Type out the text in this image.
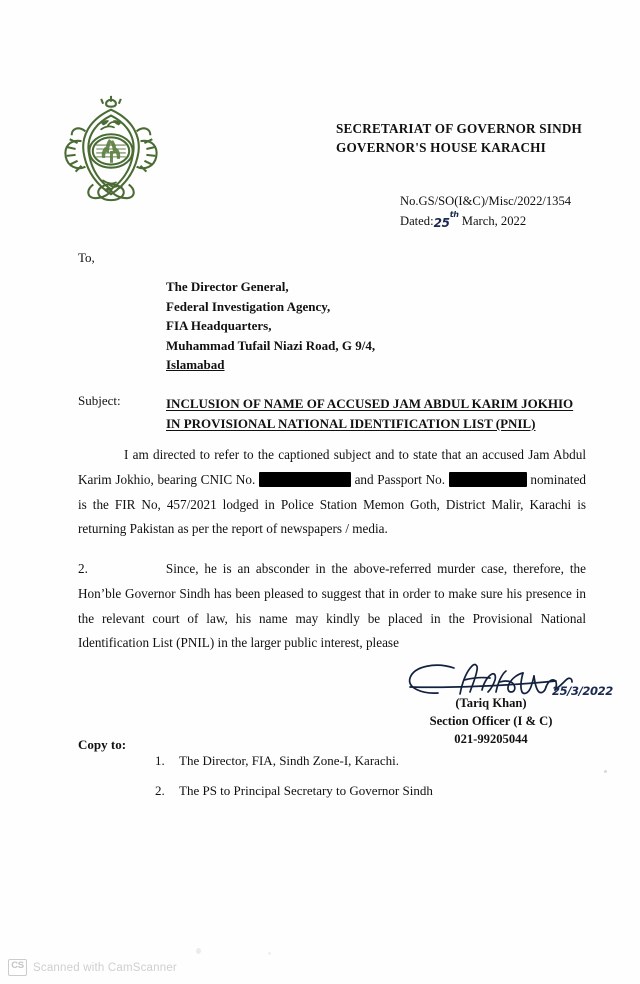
SECRETARIAT OF GOVERNOR SINDH
GOVERNOR'S HOUSE KARACHI
No.GS/SO(I&C)/Misc/2022/1354
Dated:25th March, 2022
To,
The Director General,
Federal Investigation Agency,
FIA Headquarters,
Muhammad Tufail Niazi Road, G 9/4,
Islamabad
Subject:	INCLUSION OF NAME OF ACCUSED JAM ABDUL KARIM JOKHIO IN PROVISIONAL NATIONAL IDENTIFICATION LIST (PNIL)
I am directed to refer to the captioned subject and to state that an accused Jam Abdul Karim Jokhio, bearing CNIC No.	and Passport No.	nominated is the FIR No, 457/2021 lodged in Police Station Memon Goth, District Malir, Karachi is returning Pakistan as per the report of newspapers / media.
2.	Since, he is an absconder in the above-referred murder case, therefore, the Hon’ble Governor Sindh has been pleased to suggest that in order to make sure his presence in the relevant court of law, his name may kindly be placed in the Provisional National Identification List (PNIL) in the larger public interest, please
(Tariq Khan)
Section Officer (I & C)
021-99205044
25/3/2022
Copy to:
1. The Director, FIA, Sindh Zone-I, Karachi.
2. The PS to Principal Secretary to Governor Sindh
CS Scanned with CamScanner
